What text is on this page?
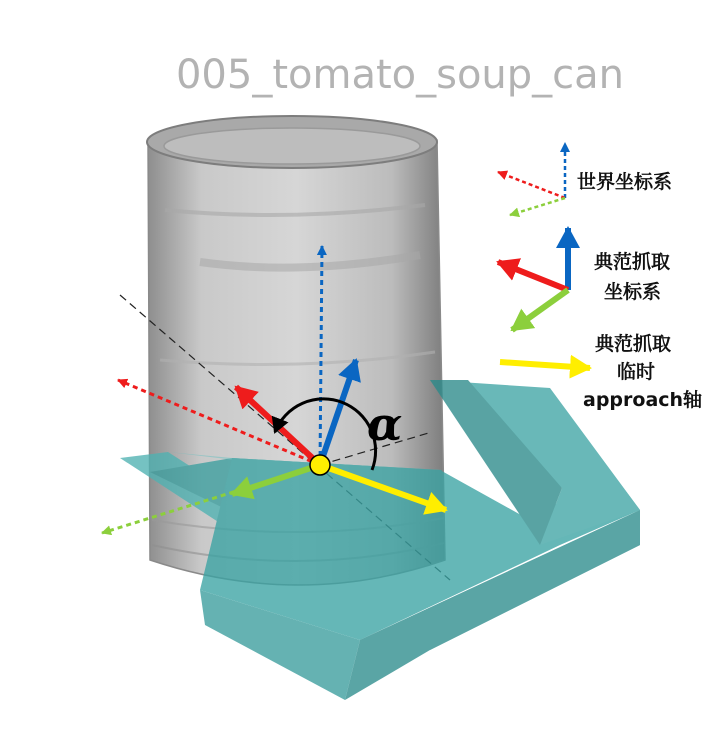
005_tomato_soup_can
α
世界坐标系
典范抓取
坐标系
典范抓取
临时
approach轴
